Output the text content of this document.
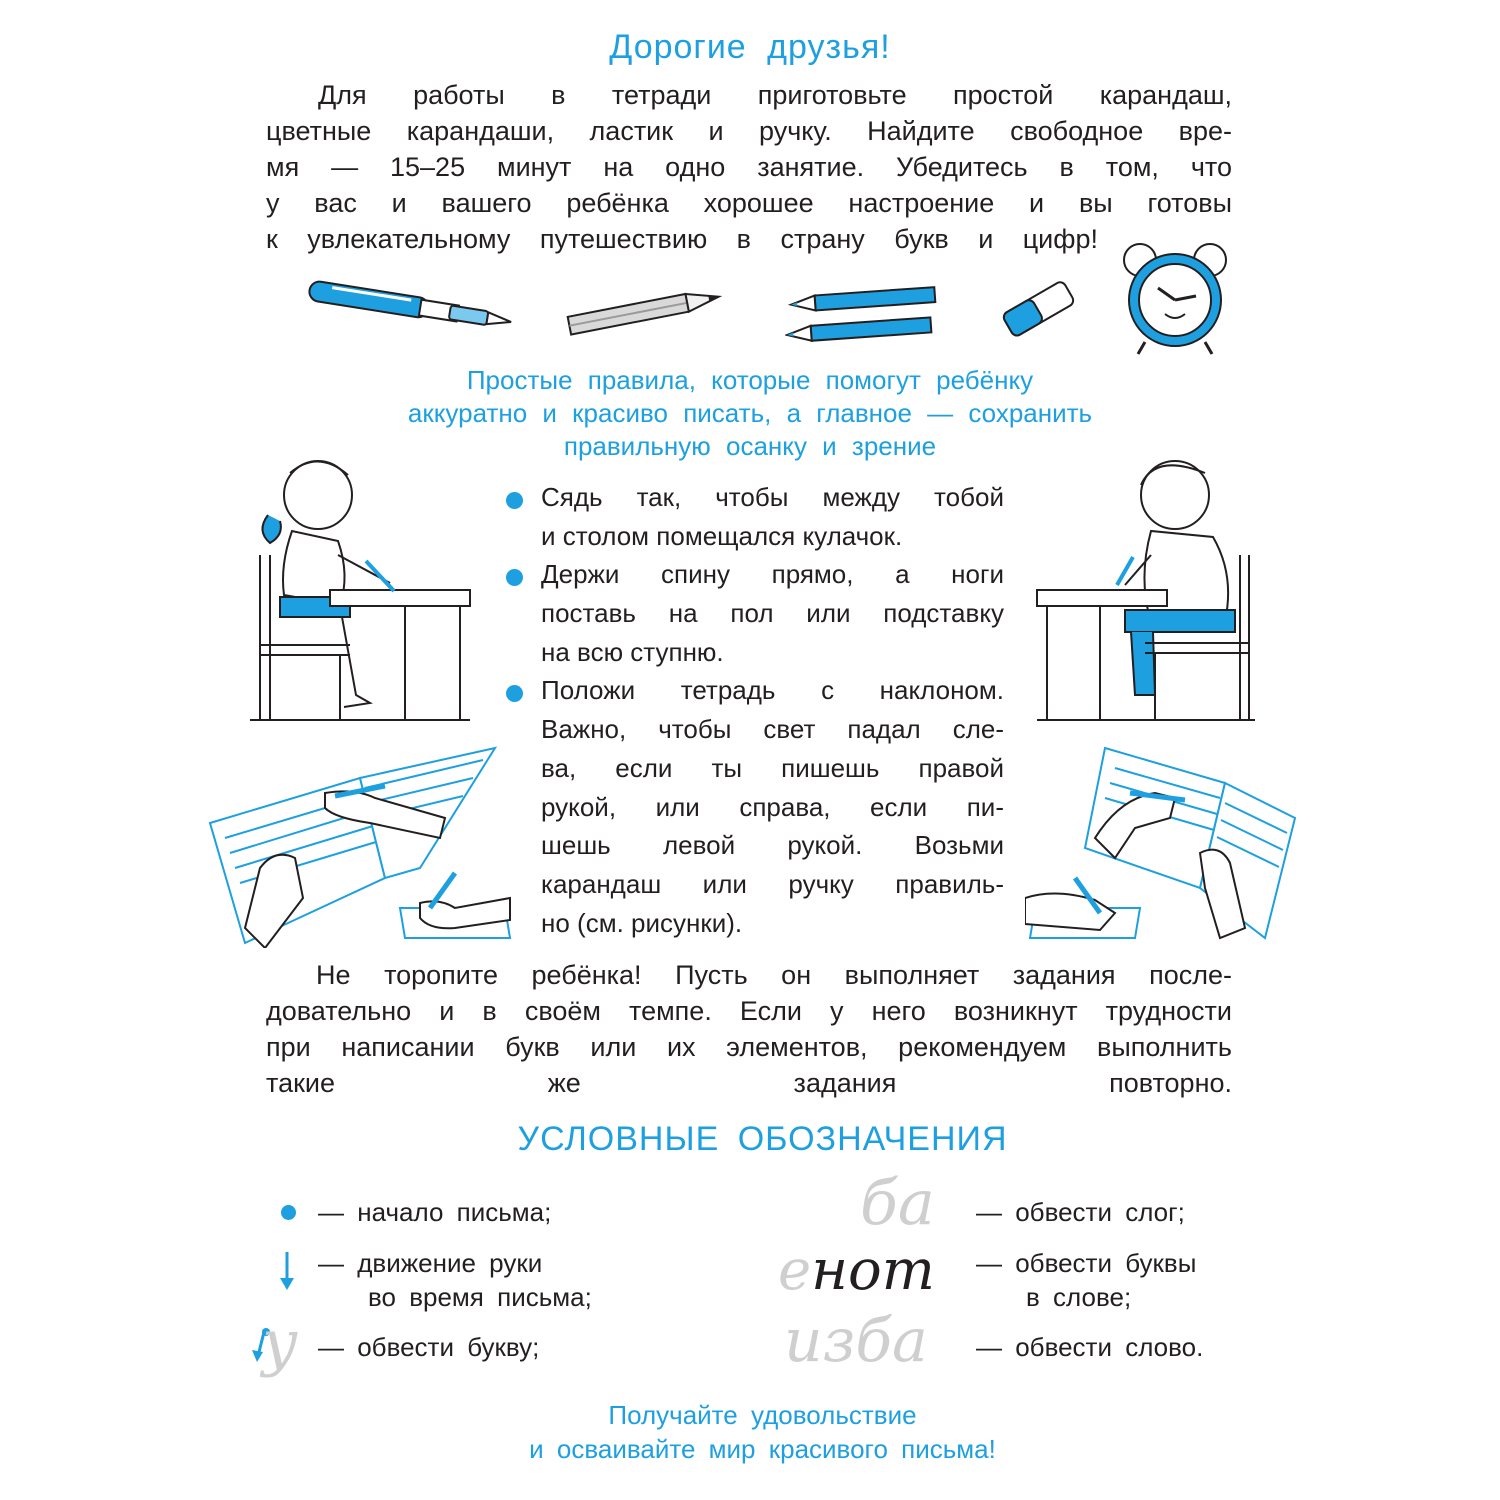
Дорогие друзья!
Для работы в тетради приготовьте простой карандаш,
цветные карандаши, ластик и ручку. Найдите свободное вре-
мя — 15–25 минут на одно занятие. Убедитесь в том, что
у вас и вашего ребёнка хорошее настроение и вы готовы
к увлекательному путешествию в страну букв и цифр!
Простые правила, которые помогут ребёнку
аккуратно и красиво писать, а главное — сохранить
правильную осанку и зрение
Сядь так, чтобы между тобой
и столом помещался кулачок.
Держи спину прямо, а ноги
поставь на пол или подставку
на всю ступню.
Положи тетрадь с наклоном.
Важно, чтобы свет падал сле-
ва, если ты пишешь правой
рукой, или справа, если пи-
шешь левой рукой. Возьми
карандаш или ручку правиль-
но (см. рисунки).
Не торопите ребёнка! Пусть он выполняет задания после-
довательно и в своём темпе. Если у него возникнут трудности
при написании букв или их элементов, рекомендуем выполнить
такие же задания повторно.
УСЛОВНЫЕ ОБОЗНАЧЕНИЯ
— начало письма;
— движение руки
во время письма;
у — обвести букву;
ба — обвести слог;
енот — обвести буквы
в слове;
изба — обвести слово.
Получайте удовольствие
и осваивайте мир красивого письма!
